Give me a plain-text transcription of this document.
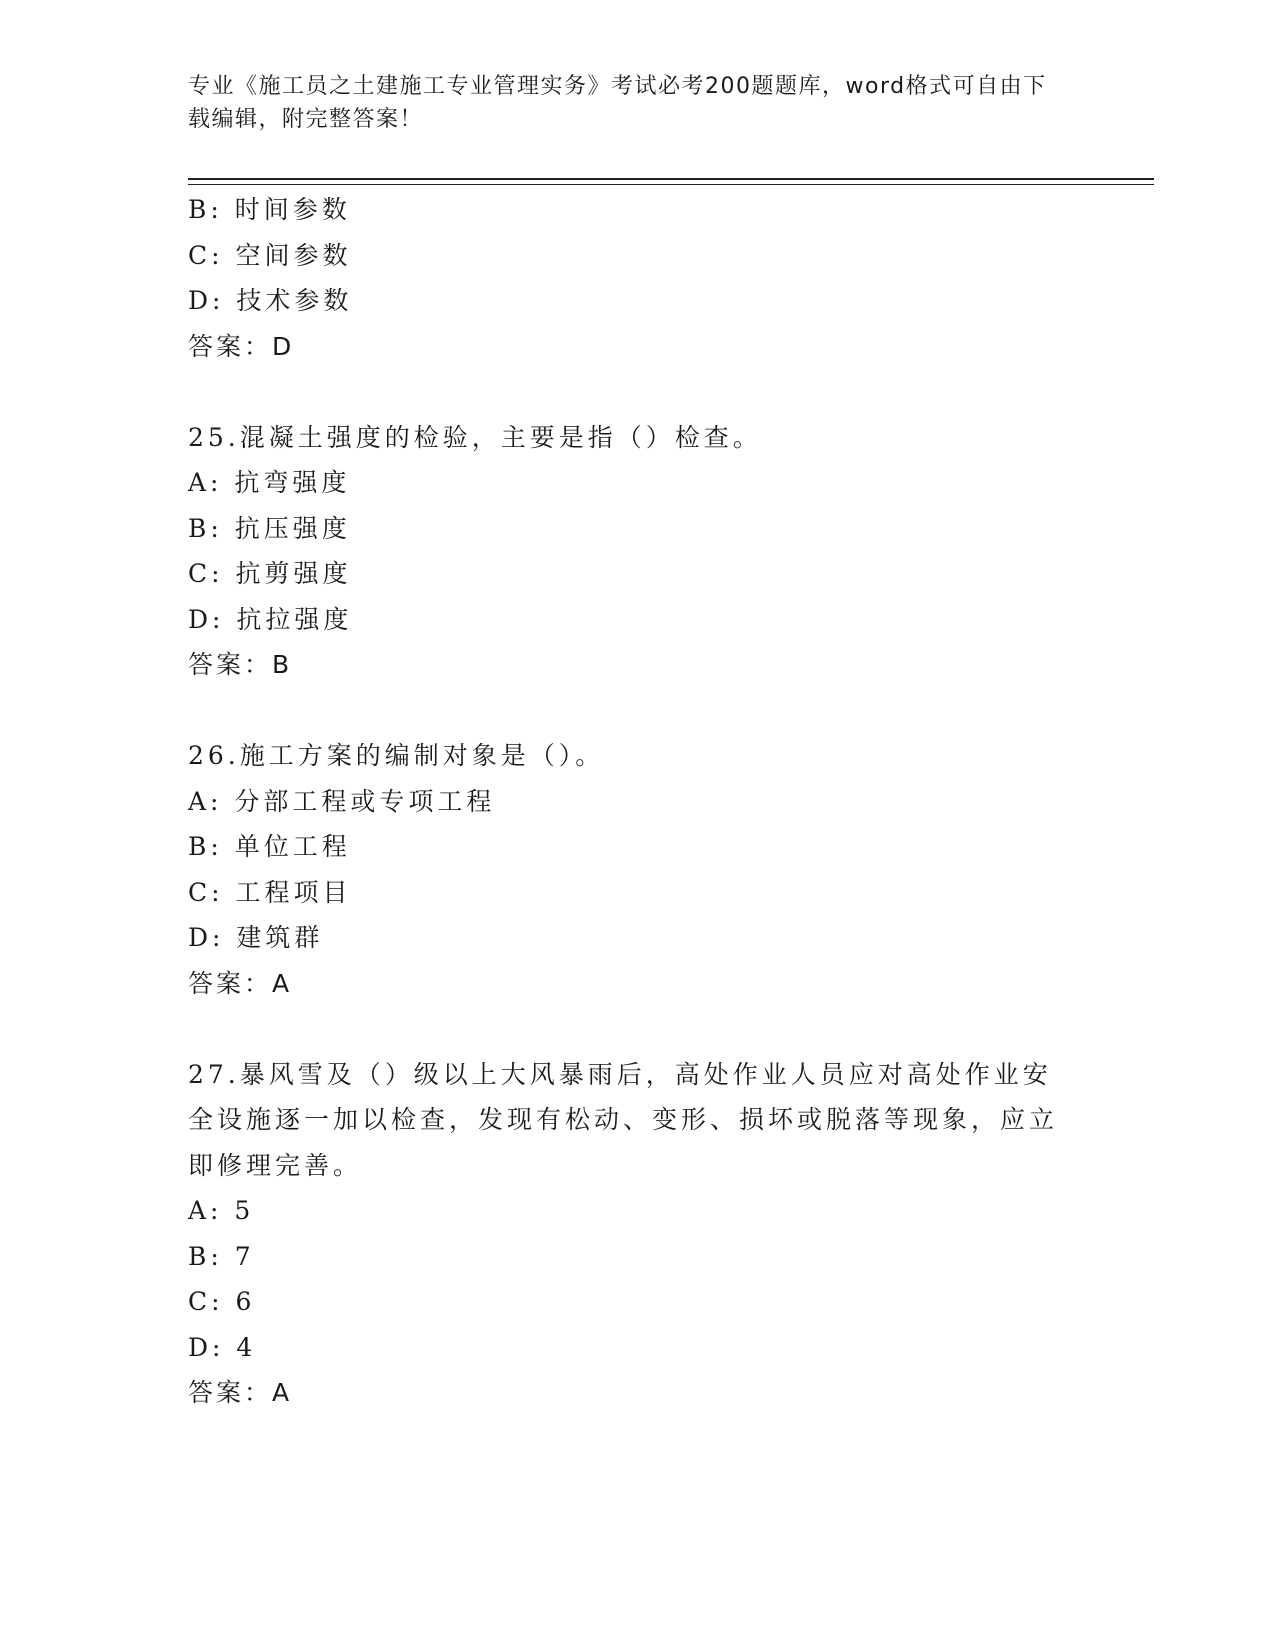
专业《施工员之土建施工专业管理实务》考试必考200题题库，word格式可自由下载编辑，附完整答案！
B: 时间参数
C: 空间参数
D: 技术参数
答案：D
25.混凝土强度的检验，主要是指（）检查。
A: 抗弯强度
B: 抗压强度
C: 抗剪强度
D: 抗拉强度
答案：B
26.施工方案的编制对象是（）。
A: 分部工程或专项工程
B: 单位工程
C: 工程项目
D: 建筑群
答案：A
27.暴风雪及（）级以上大风暴雨后，高处作业人员应对高处作业安全设施逐一加以检查，发现有松动、变形、损坏或脱落等现象，应立即修理完善。
A: 5
B: 7
C: 6
D: 4
答案：A
